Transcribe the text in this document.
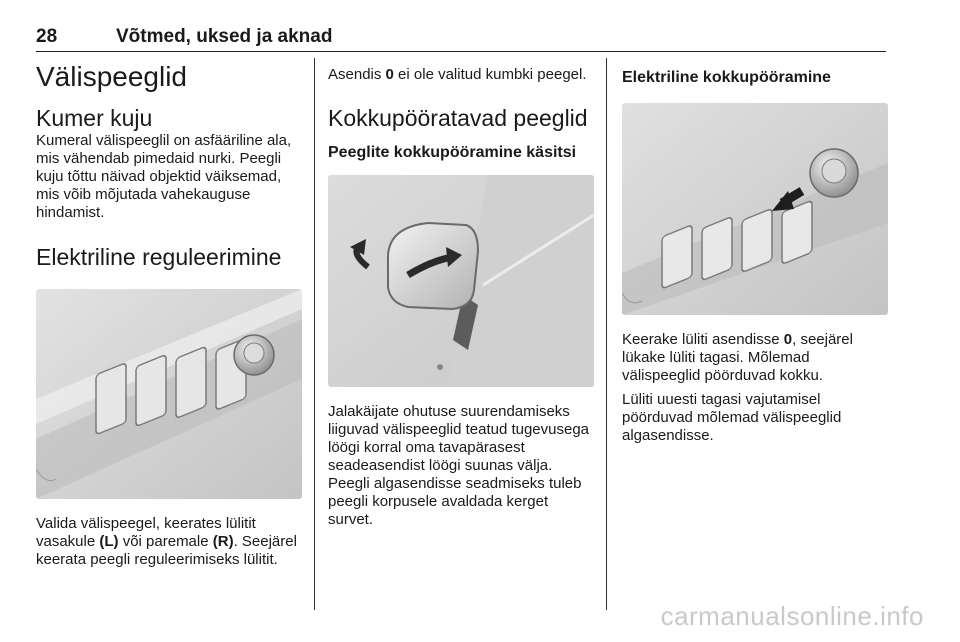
28	Võtmed, uksed ja aknad
Välispeeglid
Kumer kuju

Kumeral välispeeglil on asfääriline ala, mis vähendab pimedaid nurki. Peegli kuju tõttu näivad objektid väiksemad, mis võib mõjutada vahekauguse hindamist.

Elektriline reguleerimine

Valida välispeegel, keerates lülitit vasakule (L) või paremale (R). Seejärel keerata peegli reguleerimiseks lülitit.

Asendis 0 ei ole valitud kumbki peegel.

Kokkupööratavad peeglid
Peeglite kokkupööramine käsitsi

Jalakäijate ohutuse suurendamiseks liiguvad välispeeglid teatud tugevusega löögi korral oma tavapärasest seadeasendist löögi suunas välja. Peegli algasendisse seadmiseks tuleb peegli korpusele avaldada kerget survet.

Elektriline kokkupööramine

Keerake lüliti asendisse 0, seejärel lükake lüliti tagasi. Mõlemad välispeeglid pöörduvad kokku.

Lüliti uuesti tagasi vajutamisel pöörduvad mõlemad välispeeglid algasendisse.

carmanualsonline.info
